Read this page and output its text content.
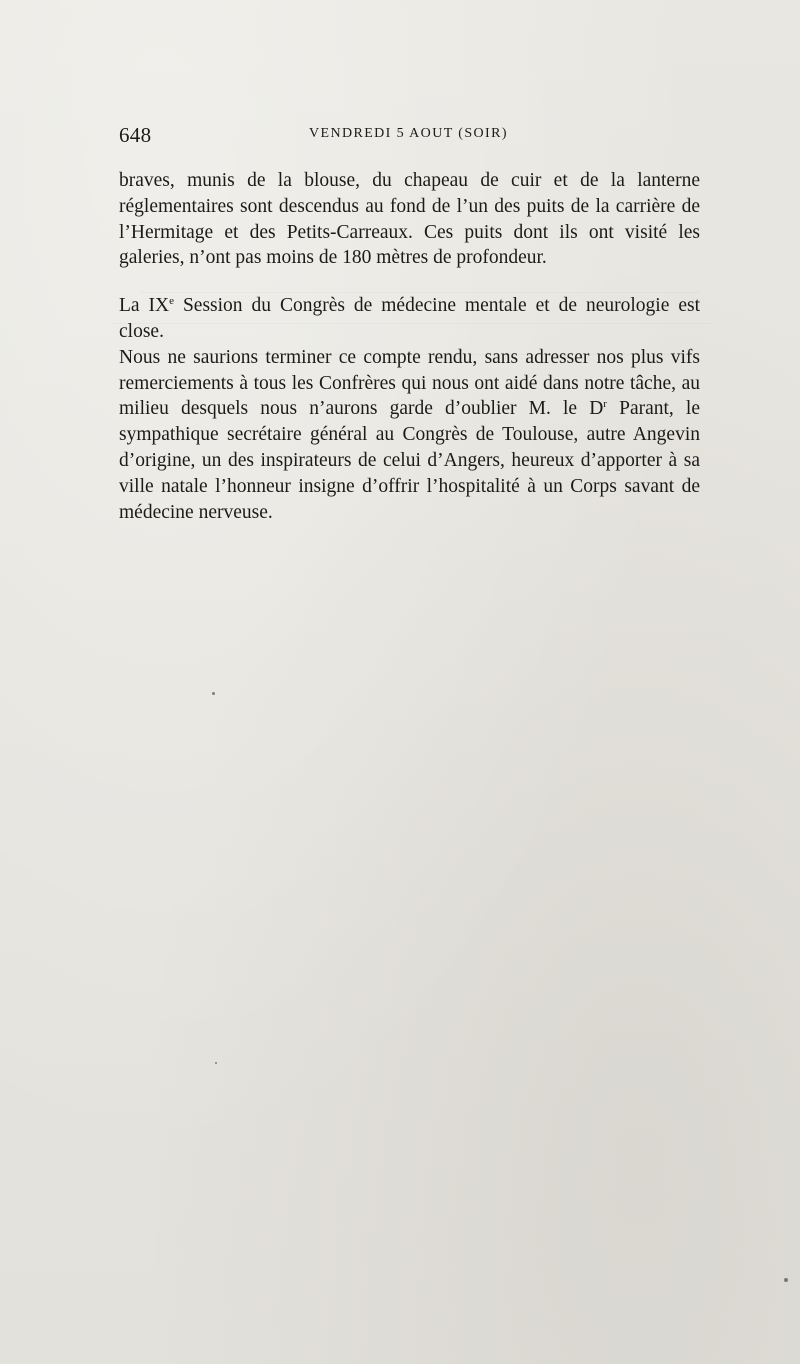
648	VENDREDI 5 AOUT (SOIR)

braves, munis de la blouse, du chapeau de cuir et de la lanterne réglementaires sont descendus au fond de l’un des puits de la carrière de l’Hermitage et des Petits-Carreaux. Ces puits dont ils ont visité les galeries, n’ont pas moins de 180 mètres de profondeur.

La IXe Session du Congrès de médecine mentale et de neurologie est close.

Nous ne saurions terminer ce compte rendu, sans adresser nos plus vifs remerciements à tous les Confrères qui nous ont aidé dans notre tâche, au milieu desquels nous n’aurons garde d’oublier M. le $D^r$ Parant, le sympathique secrétaire général au Congrès de Toulouse, autre Angevin d’origine, un des inspirateurs de celui d’Angers, heureux d’apporter à sa ville natale l’honneur insigne d’offrir l’hospitalité à un Corps savant de médecine nerveuse.
